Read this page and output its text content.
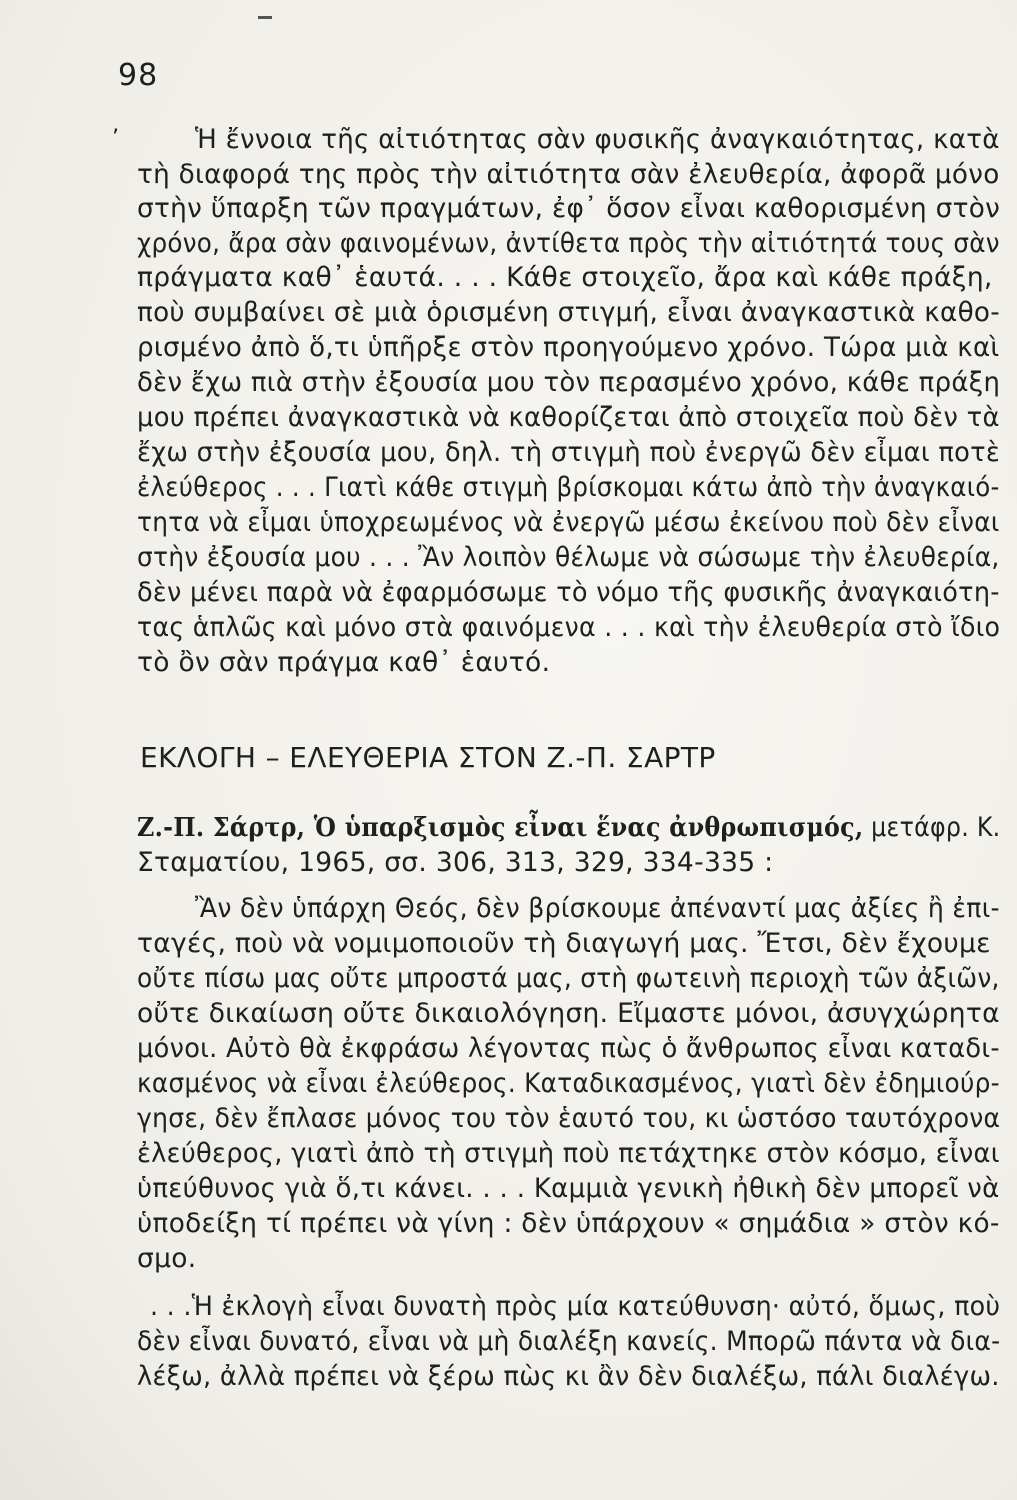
98
’	Ἡ ἔννοια τῆς αἰτιότητας σὰν φυσικῆς ἀναγκαιότητας, κατὰ
τὴ διαφορά της πρὸς τὴν αἰτιότητα σὰν ἐλευθερία, ἀφορᾶ μόνο
στὴν ὕπαρξη τῶν πραγμάτων, ἐφ᾽ ὅσον εἶναι καθορισμένη στὸν
χρόνο, ἄρα σὰν φαινομένων, ἀντίθετα πρὸς τὴν αἰτιότητά τους σὰν
πράγματα καθ᾽ ἑαυτά. . . . Κάθε στοιχεῖο, ἄρα καὶ κάθε πράξη,
ποὺ συμβαίνει σὲ μιὰ ὁρισμένη στιγμή, εἶναι ἀναγκαστικὰ καθο-
ρισμένο ἀπὸ ὅ,τι ὑπῆρξε στὸν προηγούμενο χρόνο. Τώρα μιὰ καὶ
δὲν ἔχω πιὰ στὴν ἐξουσία μου τὸν περασμένο χρόνο, κάθε πράξη
μου πρέπει ἀναγκαστικὰ νὰ καθορίζεται ἀπὸ στοιχεῖα ποὺ δὲν τὰ
ἔχω στὴν ἐξουσία μου, δηλ. τὴ στιγμὴ ποὺ ἐνεργῶ δὲν εἶμαι ποτὲ
ἐλεύθερος . . . Γιατὶ κάθε στιγμὴ βρίσκομαι κάτω ἀπὸ τὴν ἀναγκαιό-
τητα νὰ εἶμαι ὑποχρεωμένος νὰ ἐνεργῶ μέσω ἐκείνου ποὺ δὲν εἶναι
στὴν ἐξουσία μου . . . Ἂν λοιπὸν θέλωμε νὰ σώσωμε τὴν ἐλευθερία,
δὲν μένει παρὰ νὰ ἐφαρμόσωμε τὸ νόμο τῆς φυσικῆς ἀναγκαιότη-
τας ἁπλῶς καὶ μόνο στὰ φαινόμενα . . . καὶ τὴν ἐλευθερία στὸ ἴδιο
τὸ ὂν σὰν πράγμα καθ᾽ ἑαυτό.
ΕΚΛΟΓΗ – ΕΛΕΥΘΕΡΙΑ ΣΤΟΝ Ζ.-Π. ΣΑΡΤΡ
Ζ.-Π. Σάρτρ, Ὁ ὑπαρξισμὸς εἶναι ἕνας ἀνθρωπισμός, μετάφρ. Κ.
Σταματίου, 1965, σσ. 306, 313, 329, 334-335 :
Ἂν δὲν ὑπάρχη Θεός, δὲν βρίσκουμε ἀπέναντί μας ἀξίες ἢ ἐπι-
ταγές, ποὺ νὰ νομιμοποιοῦν τὴ διαγωγή μας. Ἔτσι, δὲν ἔχουμε
οὔτε πίσω μας οὔτε μπροστά μας, στὴ φωτεινὴ περιοχὴ τῶν ἀξιῶν,
οὔτε δικαίωση οὔτε δικαιολόγηση. Εἴμαστε μόνοι, ἀσυγχώρητα
μόνοι. Αὐτὸ θὰ ἐκφράσω λέγοντας πὼς ὁ ἄνθρωπος εἶναι καταδι-
κασμένος νὰ εἶναι ἐλεύθερος. Καταδικασμένος, γιατὶ δὲν ἐδημιούρ-
γησε, δὲν ἔπλασε μόνος του τὸν ἑαυτό του, κι ὡστόσο ταυτόχρονα
ἐλεύθερος, γιατὶ ἀπὸ τὴ στιγμὴ ποὺ πετάχτηκε στὸν κόσμο, εἶναι
ὑπεύθυνος γιὰ ὅ,τι κάνει. . . . Καμμιὰ γενικὴ ἠθικὴ δὲν μπορεῖ νὰ
ὑποδείξη τί πρέπει νὰ γίνη : δὲν ὑπάρχουν « σημάδια » στὸν κό-
σμο.
. . .Ἡ ἐκλογὴ εἶναι δυνατὴ πρὸς μία κατεύθυνση· αὐτό, ὅμως, ποὺ
δὲν εἶναι δυνατό, εἶναι νὰ μὴ διαλέξη κανείς. Μπορῶ πάντα νὰ δια-
λέξω, ἀλλὰ πρέπει νὰ ξέρω πὼς κι ἂν δὲν διαλέξω, πάλι διαλέγω.
